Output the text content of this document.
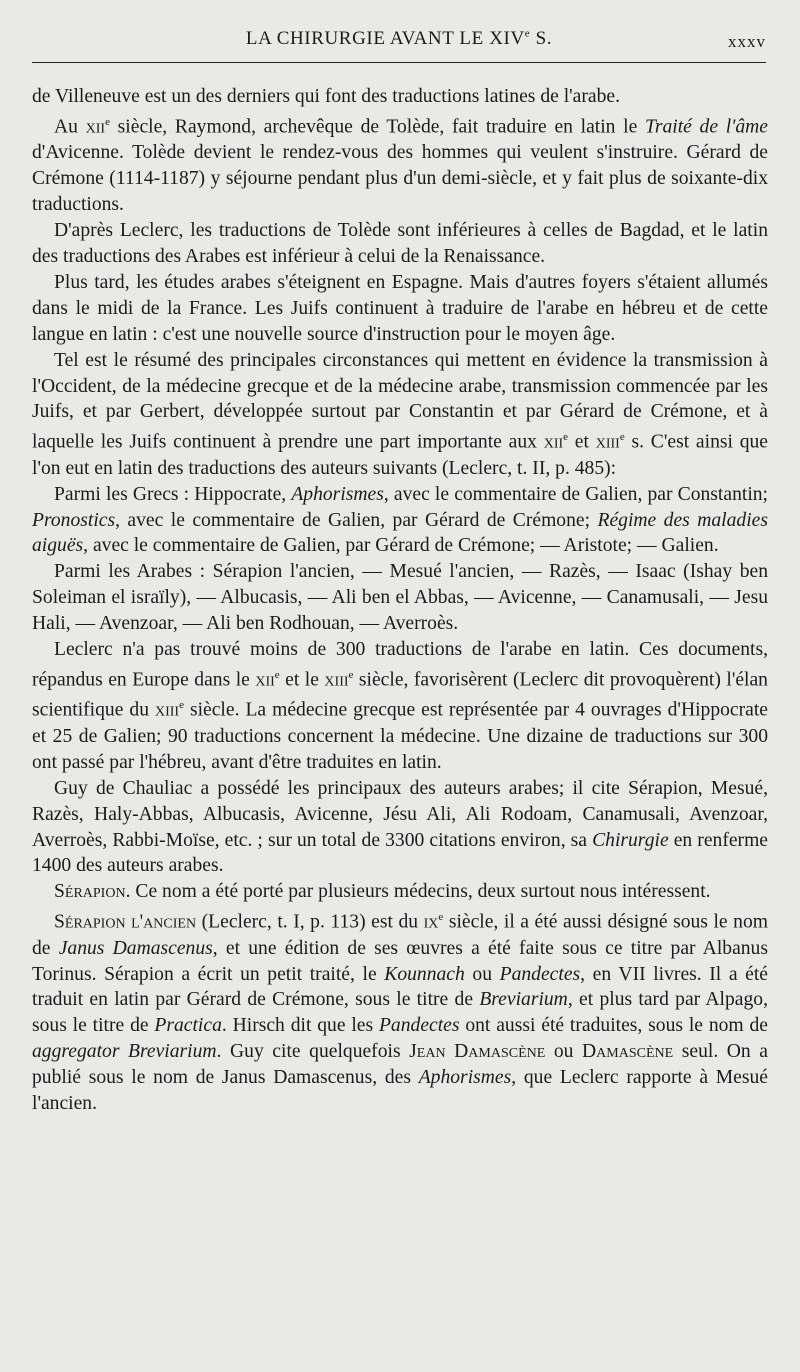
LA CHIRURGIE AVANT LE XIVe S.	xxxv

de Villeneuve est un des derniers qui font des traductions latines de l'arabe.

Au xii$^e$ siècle, Raymond, archevêque de Tolède, fait traduire en latin le Traité de l'âme d'Avicenne. Tolède devient le rendez-vous des hommes qui veulent s'instruire. Gérard de Crémone (1114-1187) y séjourne pendant plus d'un demi-siècle, et y fait plus de soixante-dix traductions.

D'après Leclerc, les traductions de Tolède sont inférieures à celles de Bagdad, et le latin des traductions des Arabes est inférieur à celui de la Renaissance.

Plus tard, les études arabes s'éteignent en Espagne. Mais d'autres foyers s'étaient allumés dans le midi de la France. Les Juifs continuent à traduire de l'arabe en hébreu et de cette langue en latin : c'est une nouvelle source d'instruction pour le moyen âge.

Tel est le résumé des principales circonstances qui mettent en évidence la transmission à l'Occident, de la médecine grecque et de la médecine arabe, transmission commencée par les Juifs, et par Gerbert, développée surtout par Constantin et par Gérard de Crémone, et à laquelle les Juifs continuent à prendre une part importante aux xii$^e$ et xiii$^e$ s. C'est ainsi que l'on eut en latin des traductions des auteurs suivants (Leclerc, t. II, p. 485):

Parmi les Grecs : Hippocrate, Aphorismes, avec le commentaire de Galien, par Constantin; Pronostics, avec le commentaire de Galien, par Gérard de Crémone; Régime des maladies aiguës, avec le commentaire de Galien, par Gérard de Crémone; — Aristote; — Galien.

Parmi les Arabes : Sérapion l'ancien, — Mesué l'ancien, — Razès, — Isaac (Ishay ben Soleiman el israïly), — Albucasis, — Ali ben el Abbas, — Avicenne, — Canamusali, — Jesu Hali, — Avenzoar, — Ali ben Rodhouan, — Averroès.

Leclerc n'a pas trouvé moins de 300 traductions de l'arabe en latin. Ces documents, répandus en Europe dans le xii$^e$ et le xiii$^e$ siècle, favorisèrent (Leclerc dit provoquèrent) l'élan scientifique du xiii$^e$ siècle. La médecine grecque est représentée par 4 ouvrages d'Hippocrate et 25 de Galien; 90 traductions concernent la médecine. Une dizaine de traductions sur 300 ont passé par l'hébreu, avant d'être traduites en latin.

Guy de Chauliac a possédé les principaux des auteurs arabes; il cite Sérapion, Mesué, Razès, Haly-Abbas, Albucasis, Avicenne, Jésu Ali, Ali Rodoam, Canamusali, Avenzoar, Averroès, Rabbi-Moïse, etc. ; sur un total de 3300 citations environ, sa Chirurgie en renferme 1400 des auteurs arabes.

Sérapion. Ce nom a été porté par plusieurs médecins, deux surtout nous intéressent.

Sérapion l'ancien (Leclerc, t. I, p. 113) est du $ix^e$ siècle, il a été aussi désigné sous le nom de Janus Damascenus, et une édition de ses œuvres a été faite sous ce titre par Albanus Torinus. Sérapion a écrit un petit traité, le Kounnach ou Pandectes, en VII livres. Il a été traduit en latin par Gérard de Crémone, sous le titre de Breviarium, et plus tard par Alpago, sous le titre de Practica. Hirsch dit que les Pandectes ont aussi été traduites, sous le nom de aggregator Breviarium. Guy cite quelquefois Jean Damascène ou Damascène seul. On a publié sous le nom de Janus Damascenus, des Aphorismes, que Leclerc rapporte à Mesué l'ancien.
